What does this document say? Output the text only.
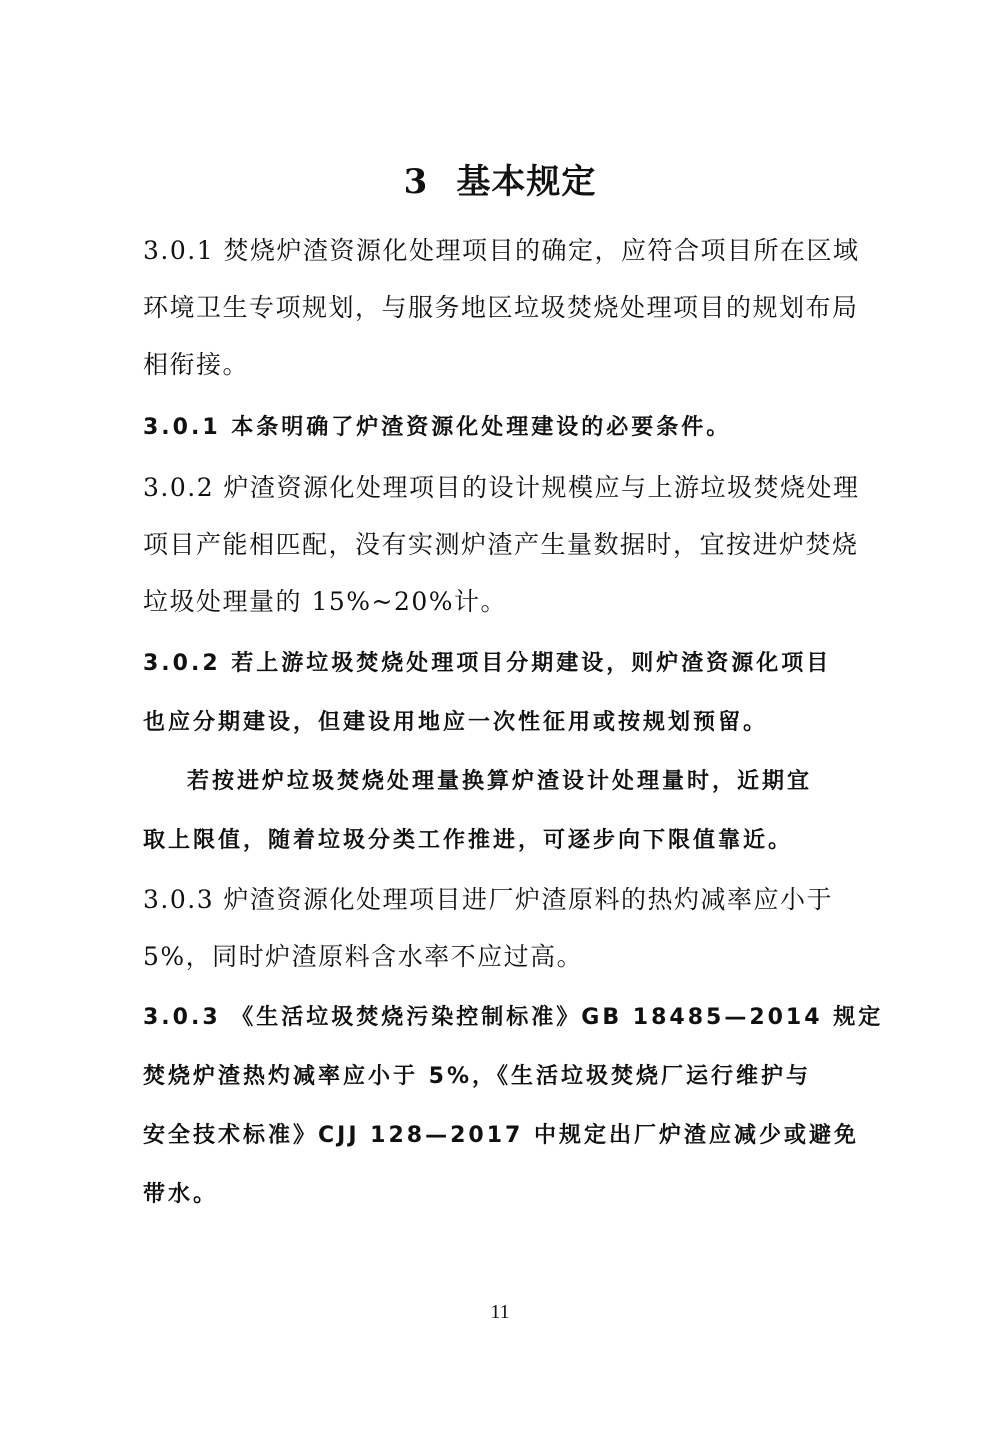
3 基本规定
3.0.1 焚烧炉渣资源化处理项目的确定，应符合项目所在区域
环境卫生专项规划，与服务地区垃圾焚烧处理项目的规划布局
相衔接。
3.0.1 本条明确了炉渣资源化处理建设的必要条件。
3.0.2 炉渣资源化处理项目的设计规模应与上游垃圾焚烧处理
项目产能相匹配，没有实测炉渣产生量数据时，宜按进炉焚烧
垃圾处理量的 15%~20%计。
3.0.2 若上游垃圾焚烧处理项目分期建设，则炉渣资源化项目
也应分期建设，但建设用地应一次性征用或按规划预留。
若按进炉垃圾焚烧处理量换算炉渣设计处理量时，近期宜
取上限值，随着垃圾分类工作推进，可逐步向下限值靠近。
3.0.3 炉渣资源化处理项目进厂炉渣原料的热灼减率应小于
5%，同时炉渣原料含水率不应过高。
3.0.3 《生活垃圾焚烧污染控制标准》GB 18485—2014 规定
焚烧炉渣热灼减率应小于 5%，《生活垃圾焚烧厂运行维护与
安全技术标准》CJJ 128—2017 中规定出厂炉渣应减少或避免
带水。
11
